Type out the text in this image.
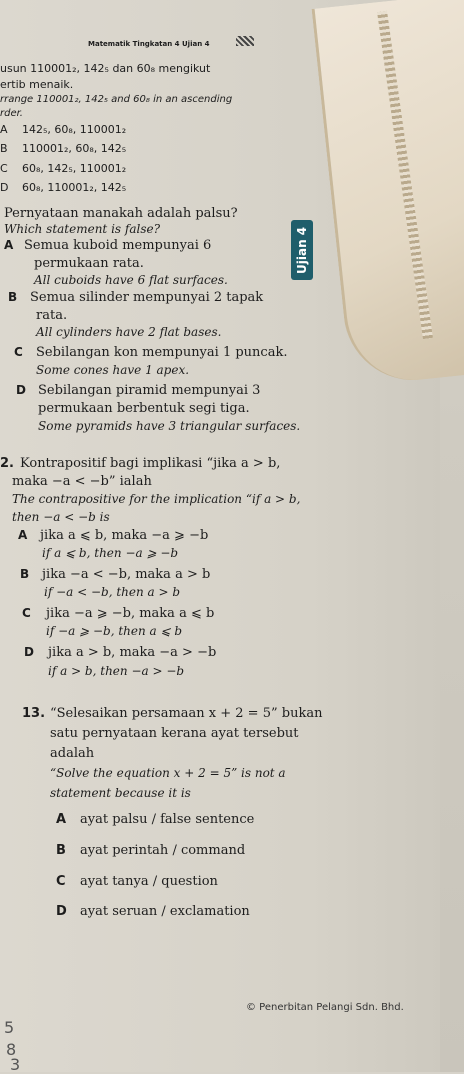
Ujian 4
Matematik Tingkatan 4 Ujian 4
usun 110001₂, 142₅ dan 60₈ mengikut
ertib menaik.
rrange 110001₂, 142₅ and 60₈ in an ascending
rder.
A 142₅, 60₈, 110001₂
B 110001₂, 60₈, 142₅
C 60₈, 142₅, 110001₂
D 60₈, 110001₂, 142₅
Pernyataan manakah adalah palsu?
Which statement is false?
A Semua kuboid mempunyai 6
permukaan rata.
All cuboids have 6 flat surfaces.
B Semua silinder mempunyai 2 tapak
rata.
All cylinders have 2 flat bases.
C Sebilangan kon mempunyai 1 puncak.
Some cones have 1 apex.
D Sebilangan piramid mempunyai 3
permukaan berbentuk segi tiga.
Some pyramids have 3 triangular surfaces.
2. Kontrapositif bagi implikasi “jika a > b,
maka −a < −b” ialah
The contrapositive for the implication “if a > b,
then −a < −b is
A jika a ⩽ b, maka −a ⩾ −b
if a ⩽ b, then −a ⩾ −b
B jika −a < −b, maka a > b
if −a < −b, then a > b
C jika −a ⩾ −b, maka a ⩽ b
if −a ⩾ −b, then a ⩽ b
D jika a > b, maka −a > −b
if a > b, then −a > −b
13. “Selesaikan persamaan x + 2 = 5” bukan
satu pernyataan kerana ayat tersebut
adalah
“Solve the equation x + 2 = 5” is not a
statement because it is
A ayat palsu / false sentence
B ayat perintah / command
C ayat tanya / question
D ayat seruan / exclamation
© Penerbitan Pelangi Sdn. Bhd.
5
8
3
